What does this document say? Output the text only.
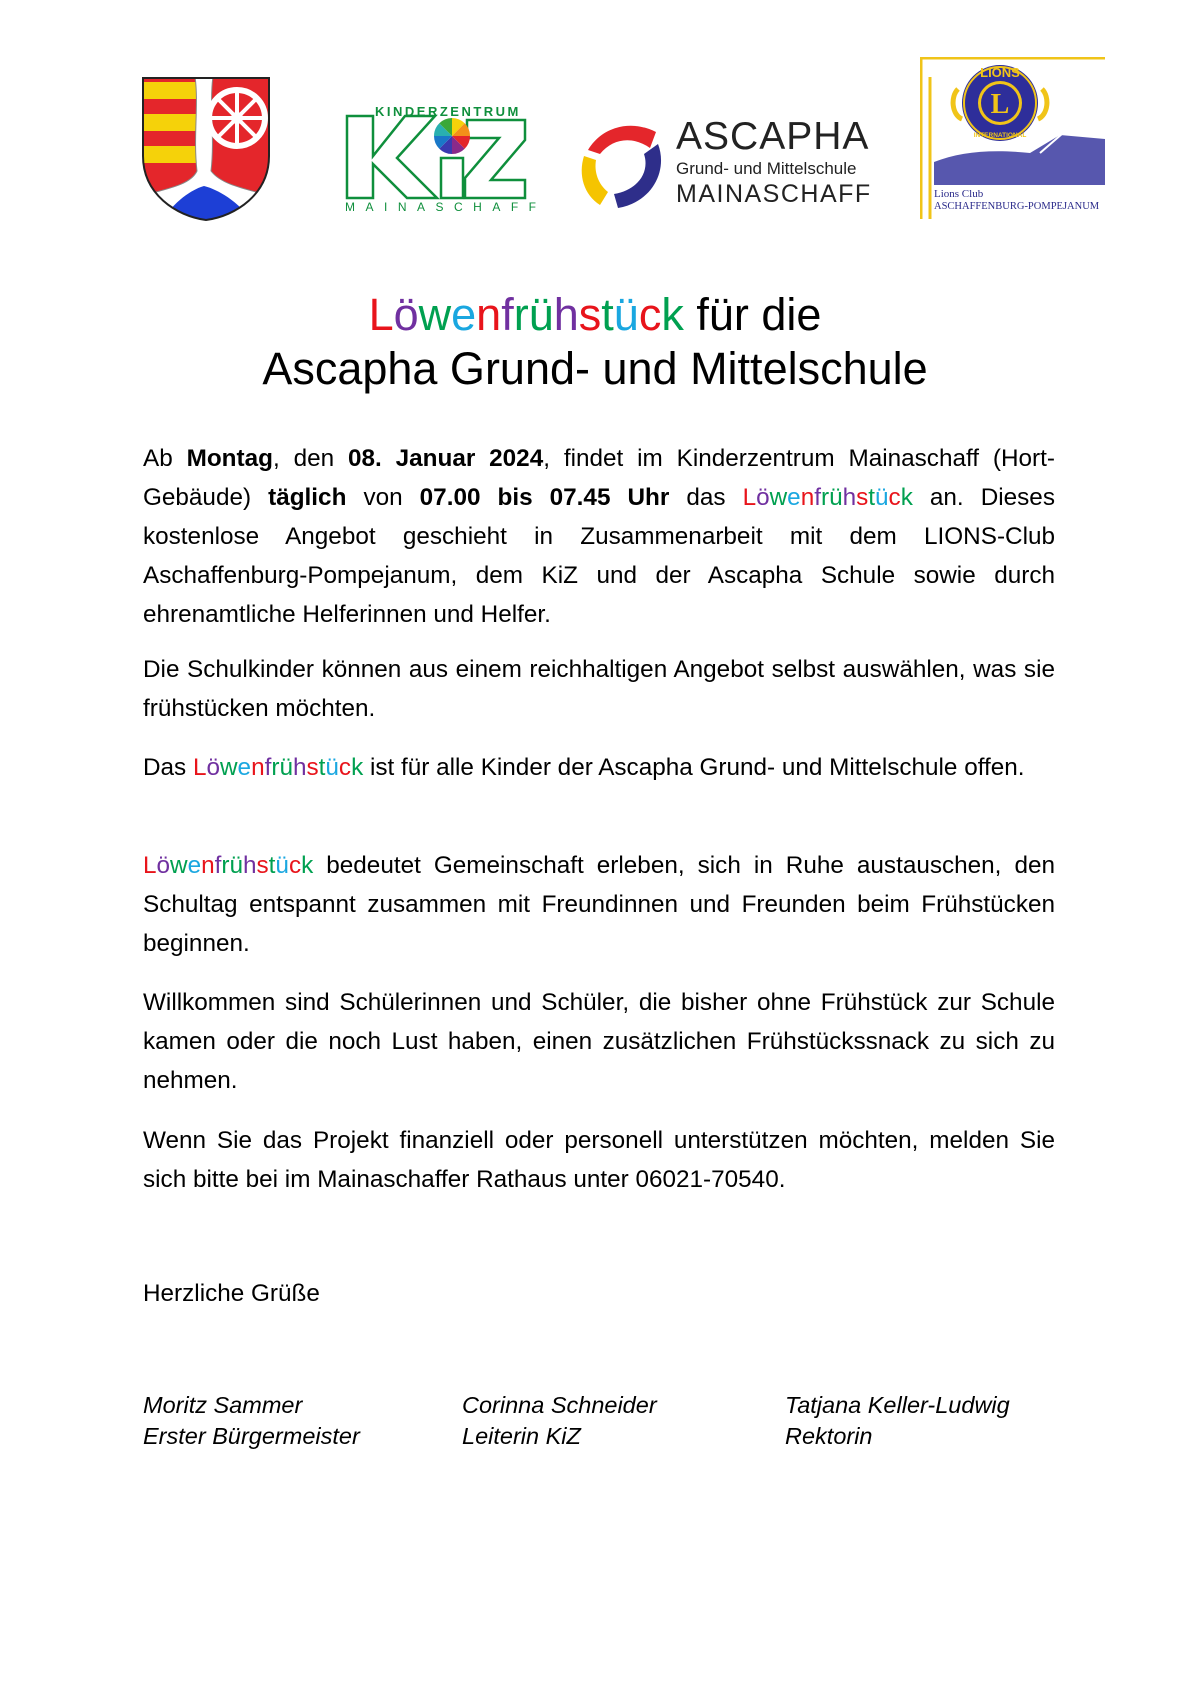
KINDERZENTRUM
MAINASCHAFF
ASCAPHA
Grund- und Mittelschule
MAINASCHAFF
L
LIONS
INTERNATIONAL
Lions Club
ASCHAFFENBURG-POMPEJANUM
Löwenfrühstück für die
Ascapha Grund- und Mittelschule
Ab Montag, den 08. Januar 2024, findet im Kinderzentrum Mainaschaff (Hort-Gebäude) täglich von 07.00 bis 07.45 Uhr das Löwenfrühstück an. Dieses kostenlose Angebot geschieht in Zusammenarbeit mit dem LIONS-Club Aschaffenburg-Pompejanum, dem KiZ und der Ascapha Schule sowie durch ehrenamtliche Helferinnen und Helfer.
Die Schulkinder können aus einem reichhaltigen Angebot selbst auswählen, was sie frühstücken möchten.
Das Löwenfrühstück ist für alle Kinder der Ascapha Grund- und Mittelschule offen.
Löwenfrühstück bedeutet Gemeinschaft erleben, sich in Ruhe austauschen, den Schultag entspannt zusammen mit Freundinnen und Freunden beim Frühstücken beginnen.
Willkommen sind Schülerinnen und Schüler, die bisher ohne Frühstück zur Schule kamen oder die noch Lust haben, einen zusätzlichen Frühstückssnack zu sich zu nehmen.
Wenn Sie das Projekt finanziell oder personell unterstützen möchten, melden Sie sich bitte bei im Mainaschaffer Rathaus unter 06021-70540.
Herzliche Grüße
Moritz Sammer
Erster Bürgermeister
Corinna Schneider
Leiterin KiZ
Tatjana Keller-Ludwig
Rektorin
